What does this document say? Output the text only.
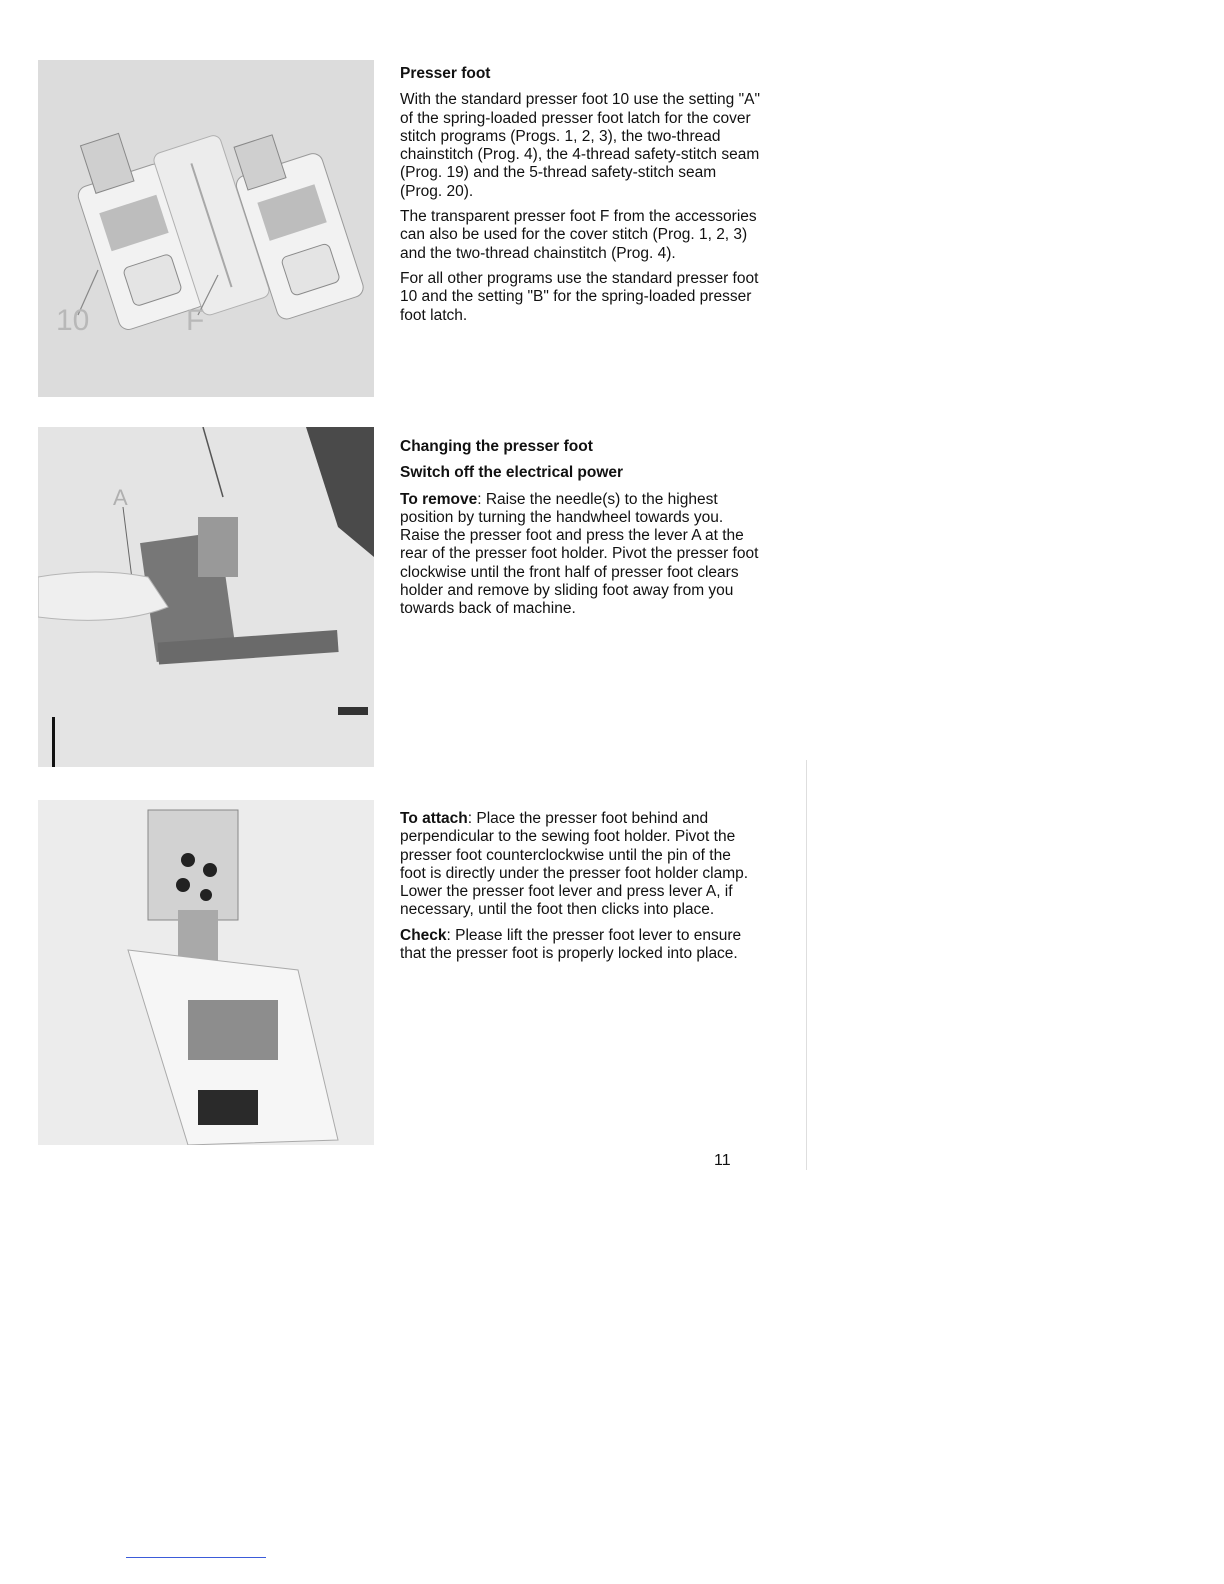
10	F
A

Presser foot

With the standard presser foot 10 use the setting "A" of the spring-loaded presser foot latch for the cover stitch programs (Progs. 1, 2, 3), the two-thread chainstitch (Prog. 4), the 4-thread safety-stitch seam (Prog. 19) and the 5-thread safety-stitch seam (Prog. 20).

The transparent presser foot F from the accessories can also be used for the cover stitch (Prog. 1, 2, 3) and the two-thread chainstitch (Prog. 4).

For all other programs use the standard presser foot 10 and the setting "B" for the spring-loaded presser foot latch.

Changing the presser foot

Switch off the electrical power

To remove: Raise the needle(s) to the highest position by turning the handwheel towards you. Raise the presser foot and press the lever A at the rear of the presser foot holder. Pivot the presser foot clockwise until the front half of presser foot clears holder and remove by sliding foot away from you towards back of machine.

To attach: Place the presser foot behind and perpendicular to the sewing foot holder. Pivot the presser foot counterclockwise until the pin of the foot is directly under the presser foot holder clamp. Lower the presser foot lever and press lever A, if necessary, until the foot then clicks into place.

Check: Please lift the presser foot lever to ensure that the presser foot is properly locked into place.

11
